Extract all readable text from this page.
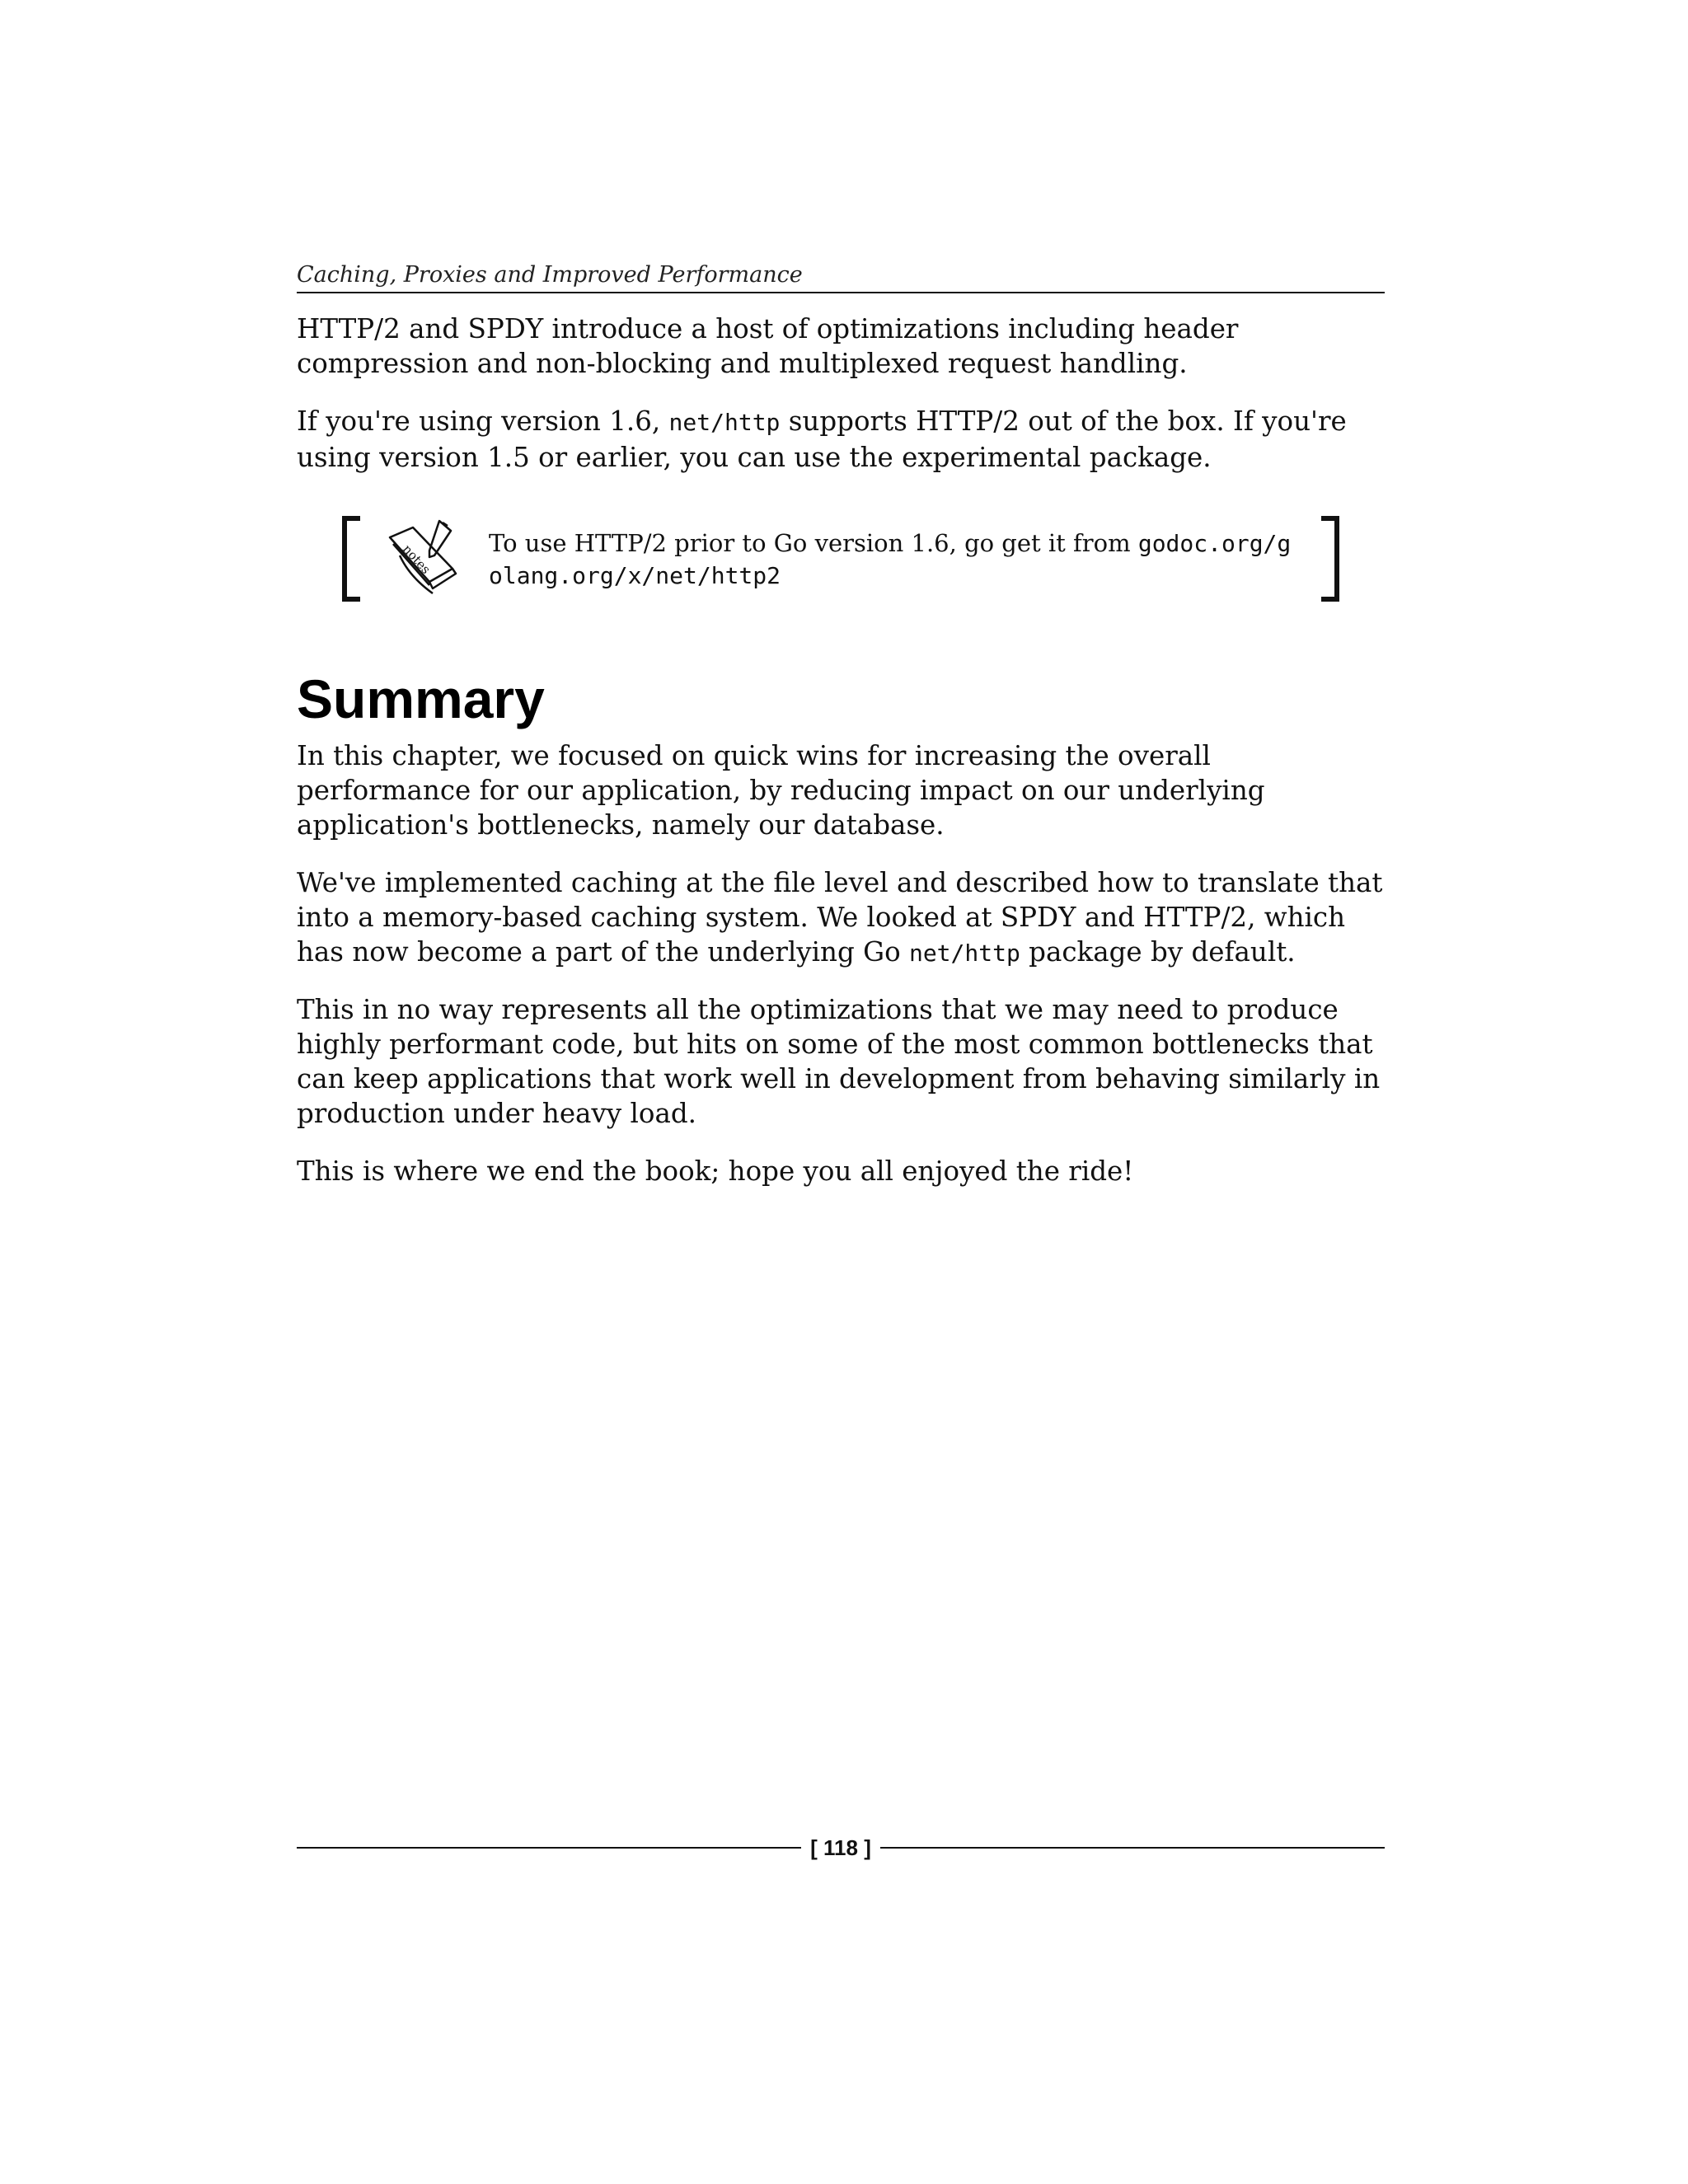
Caching, Proxies and Improved Performance

HTTP/2 and SPDY introduce a host of optimizations including header compression and non-blocking and multiplexed request handling.

If you're using version 1.6, net/http supports HTTP/2 out of the box. If you're using version 1.5 or earlier, you can use the experimental package.

notes To use HTTP/2 prior to Go version 1.6, go get it from godoc.org/golang.org/x/net/http2
Summary

In this chapter, we focused on quick wins for increasing the overall performance for our application, by reducing impact on our underlying application's bottlenecks, namely our database.

We've implemented caching at the file level and described how to translate that into a memory-based caching system. We looked at SPDY and HTTP/2, which has now become a part of the underlying Go net/http package by default.

This in no way represents all the optimizations that we may need to produce highly performant code, but hits on some of the most common bottlenecks that can keep applications that work well in development from behaving similarly in production under heavy load.

This is where we end the book; hope you all enjoyed the ride!

[ 118 ]
